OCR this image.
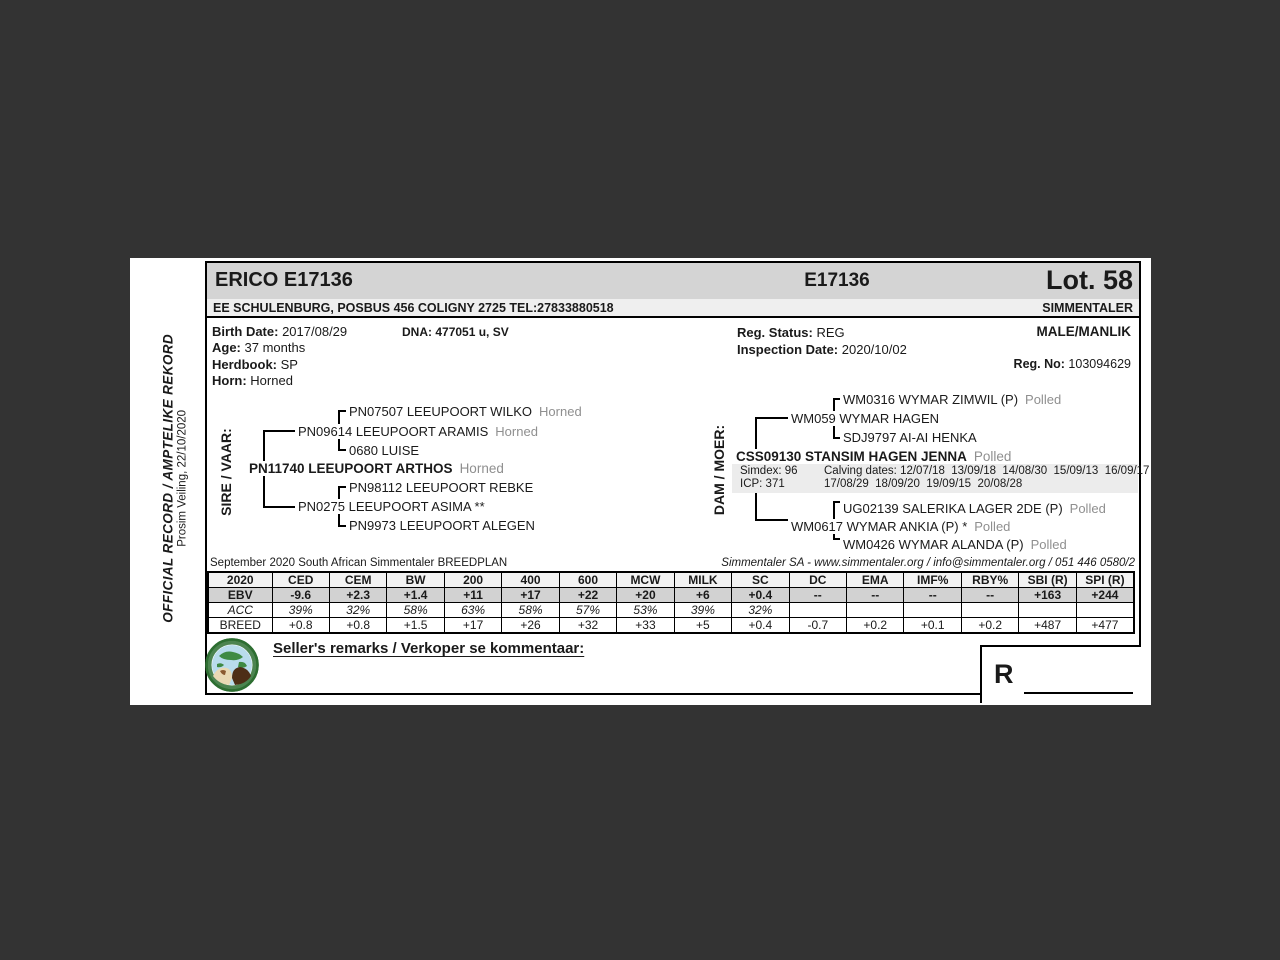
OFFICIAL RECORD / AMPTELIKE REKORD Prosim Veiling, 22/10/2020
ERICO E17136	E17136	Lot. 58
EE SCHULENBURG, POSBUS 456 COLIGNY 2725 TEL:27833880518	SIMMENTALER
Birth Date: 2017/08/29
Age: 37 months
Herdbook: SP
Horn: Horned
DNA: 477051 u, SV	Reg. Status: REG
Inspection Date: 2020/10/02
MALE/MANLIK
Reg. No: 103094629
SIRE / VAAR:
PN07507 LEEUPOORT WILKO Horned
PN09614 LEEUPOORT ARAMIS Horned
0680 LUISE
PN11740 LEEUPOORT ARTHOS Horned
PN98112 LEEUPOORT REBKE
PN0275 LEEUPOORT ASIMA **
PN9973 LEEUPOORT ALEGEN
DAM / MOER:
WM0316 WYMAR ZIMWIL (P) Polled
WM059 WYMAR HAGEN
SDJ9797 AI-AI HENKA
CSS09130 STANSIM HAGEN JENNA Polled
Simdex: 96
ICP: 371
Calving dates: 12/07/18  13/09/18  14/08/30  15/09/13  16/09/17
17/08/29  18/09/20  19/09/15  20/08/28
UG02139 SALERIKA LAGER 2DE (P) Polled
WM0617 WYMAR ANKIA (P) * Polled
WM0426 WYMAR ALANDA (P) Polled
September 2020 South African Simmentaler BREEDPLAN	Simmentaler SA - www.simmentaler.org / info@simmentaler.org / 051 446 0580/2
2020	CED	CEM	BW	200	400	600	MCW	MILK	SC	DC	EMA	IMF%	RBY%	SBI (R)	SPI (R)
EBV	-9.6	+2.3	+1.4	+11	+17	+22	+20	+6	+0.4	--	--	--	--	+163	+244
ACC	39%	32%	58%	63%	58%	57%	53%	39%	32%						
BREED	+0.8	+0.8	+1.5	+17	+26	+32	+33	+5	+0.4	-0.7	+0.2	+0.1	+0.2	+487	+477
Seller's remarks / Verkoper se kommentaar:
R
